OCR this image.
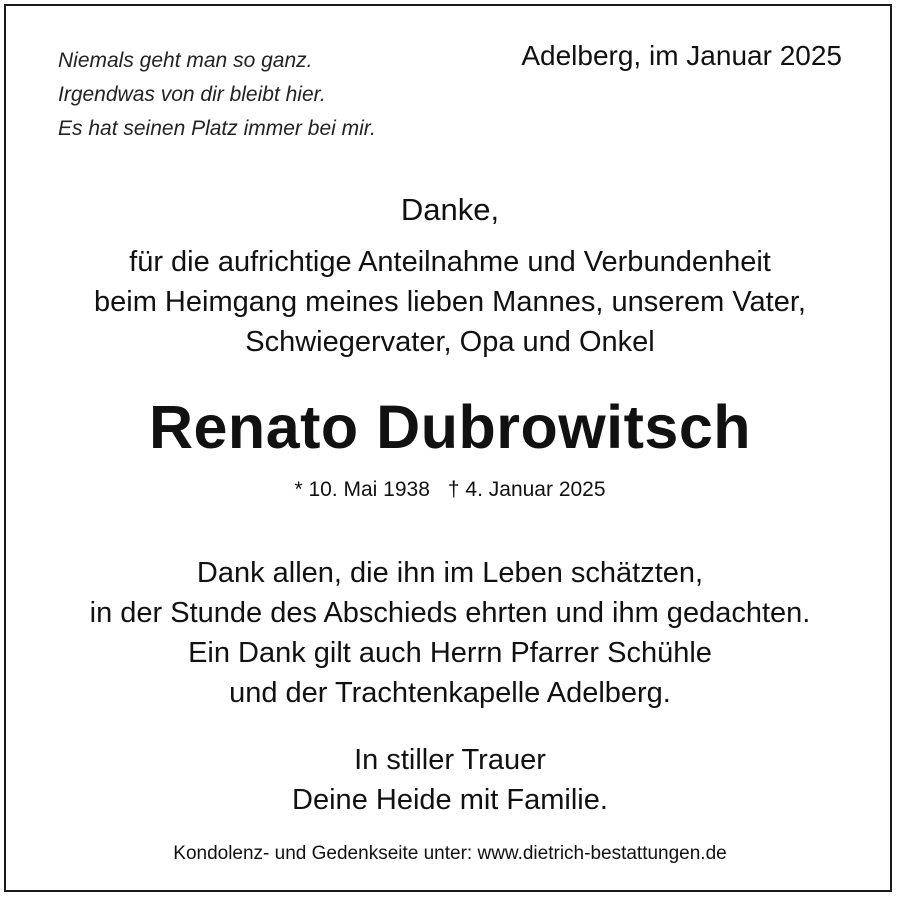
Niemals geht man so ganz.
Irgendwas von dir bleibt hier.
Es hat seinen Platz immer bei mir.
Adelberg, im Januar 2025
Danke,
für die aufrichtige Anteilnahme und Verbundenheit
beim Heimgang meines lieben Mannes, unserem Vater,
Schwiegervater, Opa und Onkel
Renato Dubrowitsch
* 10. Mai 1938 † 4. Januar 2025
Dank allen, die ihn im Leben schätzten,
in der Stunde des Abschieds ehrten und ihm gedachten.
Ein Dank gilt auch Herrn Pfarrer Schühle
und der Trachtenkapelle Adelberg.
In stiller Trauer
Deine Heide mit Familie.
Kondolenz- und Gedenkseite unter: www.dietrich-bestattungen.de
